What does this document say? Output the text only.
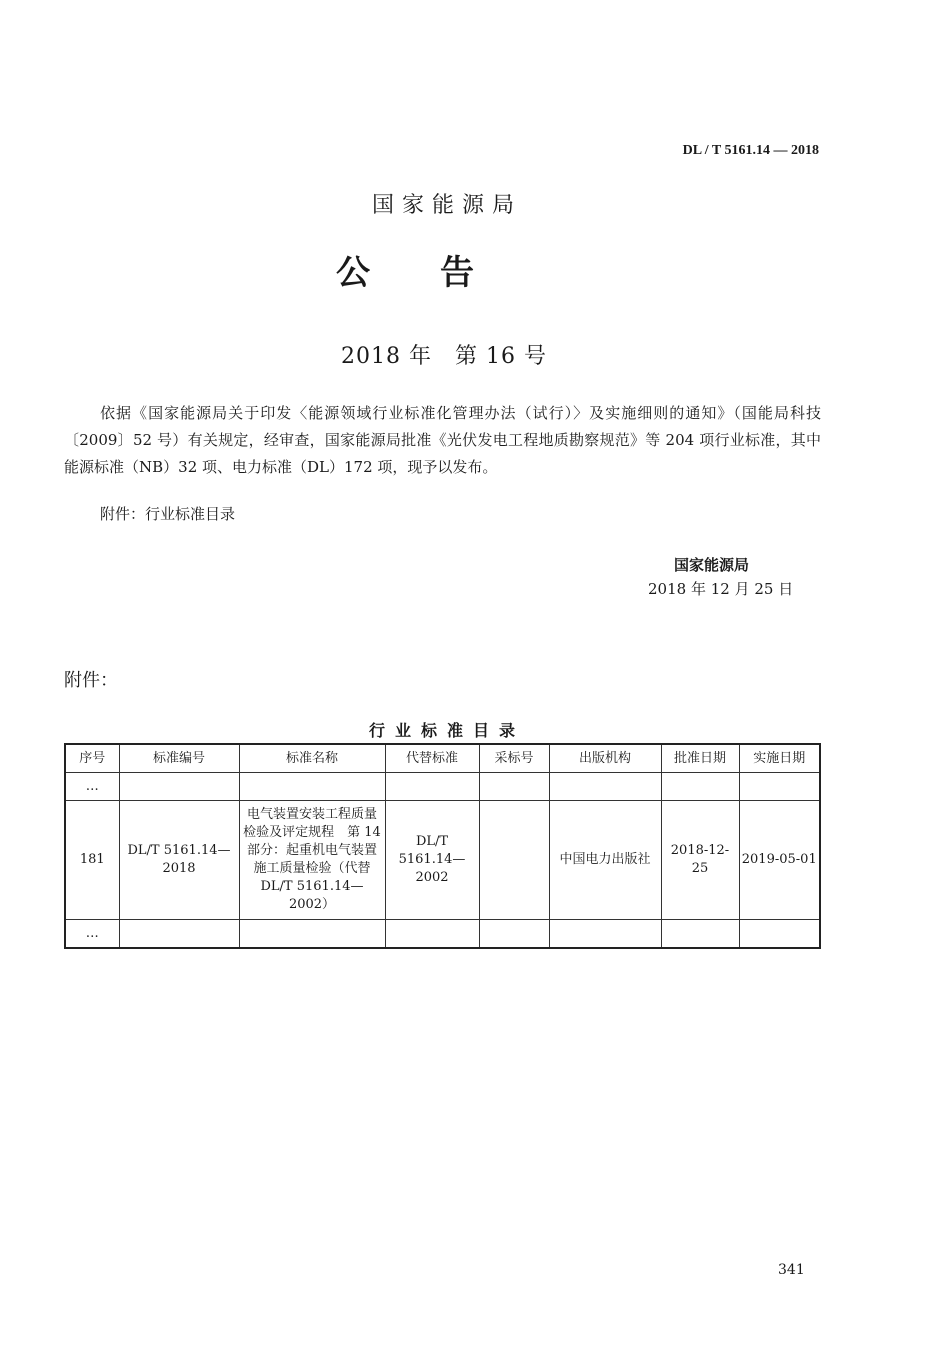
DL / T 5161.14 — 2018
国家能源局
公告
2018 年　第 16 号
依据《国家能源局关于印发〈能源领域行业标准化管理办法（试行）〉及实施细则的通知》（国能局科技〔2009〕52 号）有关规定，经审查，国家能源局批准《光伏发电工程地质勘察规范》等 204 项行业标准，其中能源标准（NB）32 项、电力标准（DL）172 项，现予以发布。
附件：行业标准目录
国家能源局
2018 年 12 月 25 日
附件：
行业标准目录
序号	标准编号	标准名称	代替标准	采标号	出版机构	批准日期	实施日期
…							
181	DL/T 5161.14—2018	电气装置安装工程质量检验及评定规程　第 14 部分：起重机电气装置施工质量检验（代替 DL/T 5161.14—2002）	DL/T 5161.14—2002		中国电力出版社	2018-12-25	2019-05-01
…							
341
